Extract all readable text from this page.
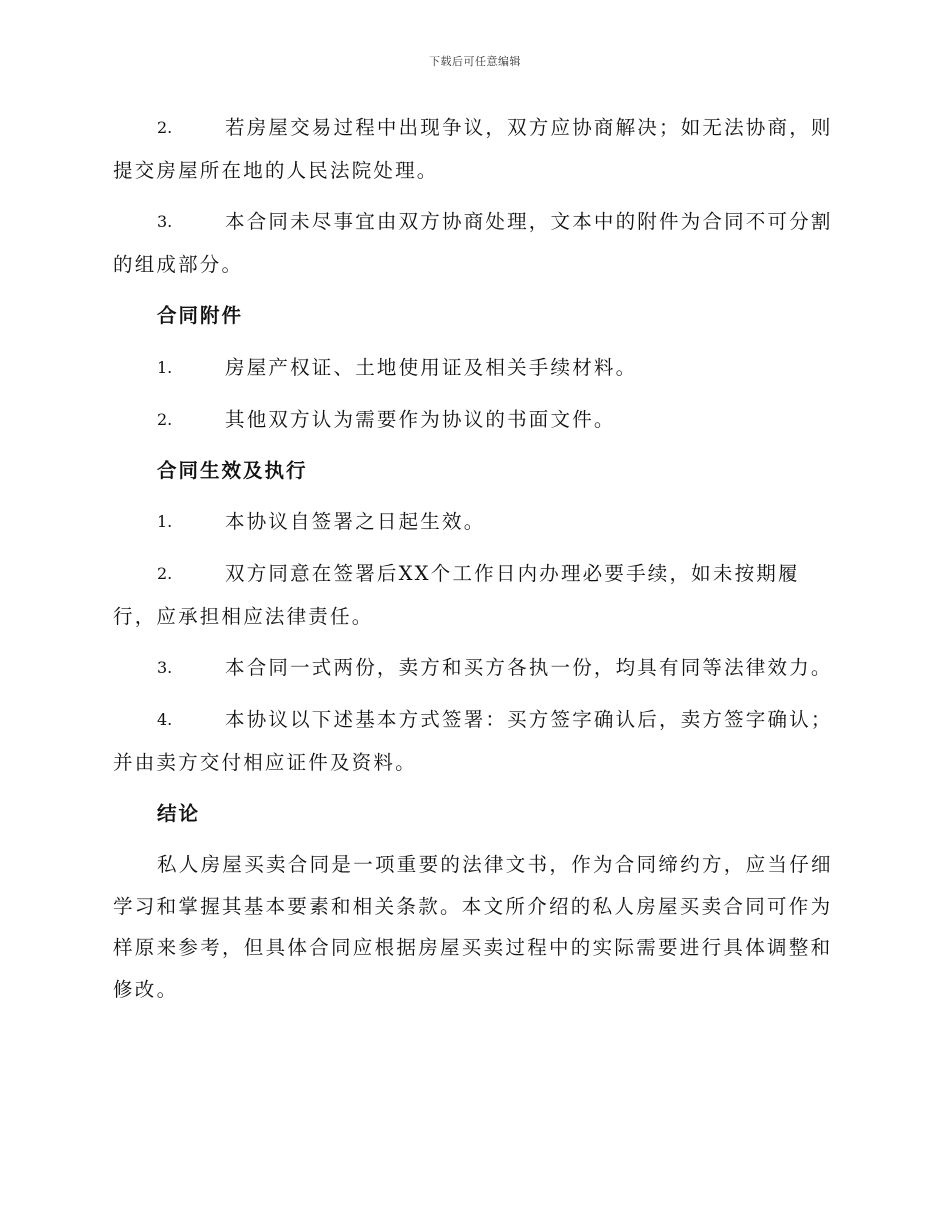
下载后可任意编辑
2.	若房屋交易过程中出现争议，双方应协商解决；如无法协商，则提交房屋所在地的人民法院处理。
3.	本合同未尽事宜由双方协商处理，文本中的附件为合同不可分割的组成部分。
合同附件
1.	房屋产权证、土地使用证及相关手续材料。
2.	其他双方认为需要作为协议的书面文件。
合同生效及执行
1.	本协议自签署之日起生效。
2.	双方同意在签署后XX个工作日内办理必要手续，如未按期履行，应承担相应法律责任。
3.	本合同一式两份，卖方和买方各执一份，均具有同等法律效力。
4.	本协议以下述基本方式签署：买方签字确认后，卖方签字确认；并由卖方交付相应证件及资料。
结论
私人房屋买卖合同是一项重要的法律文书，作为合同缔约方，应当仔细学习和掌握其基本要素和相关条款。本文所介绍的私人房屋买卖合同可作为样原来参考，但具体合同应根据房屋买卖过程中的实际需要进行具体调整和修改。
